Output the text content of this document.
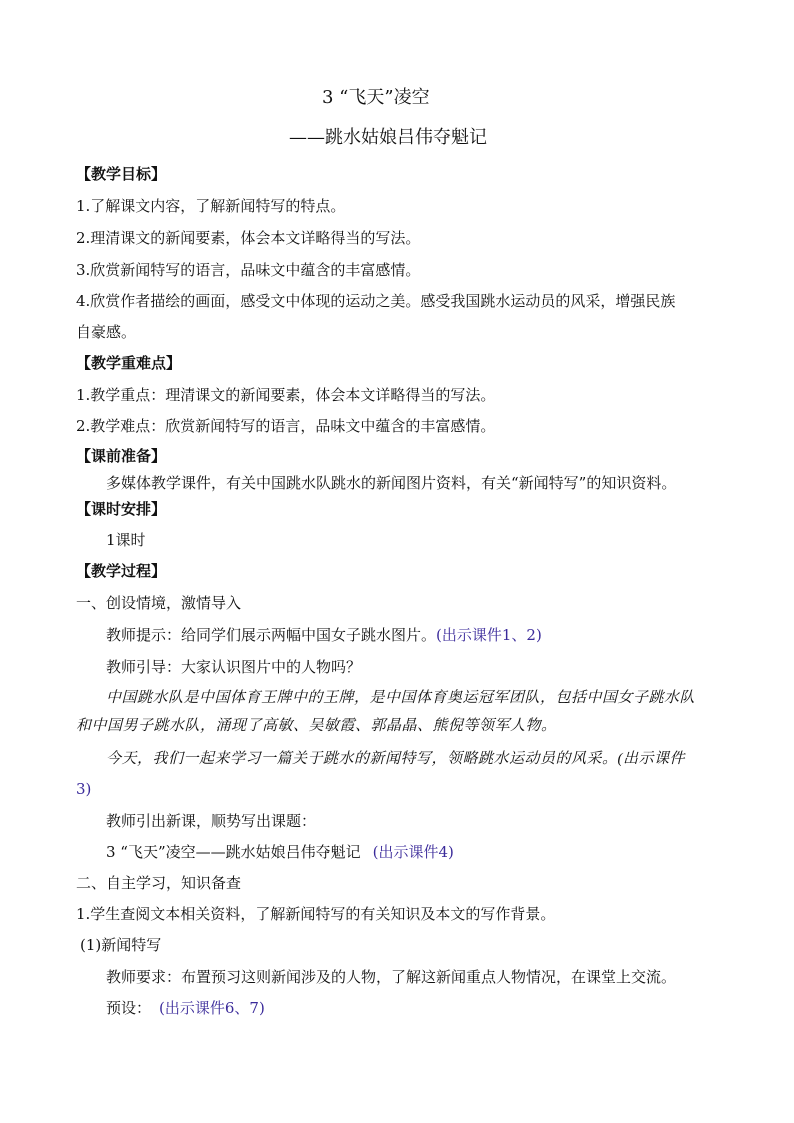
3 “飞天”凌空

——跳水姑娘吕伟夺魁记

【教学目标】

1.了解课文内容，了解新闻特写的特点。

2.理清课文的新闻要素，体会本文详略得当的写法。

3.欣赏新闻特写的语言，品味文中蕴含的丰富感情。

4.欣赏作者描绘的画面，感受文中体现的运动之美。感受我国跳水运动员的风采，增强民族

自豪感。

【教学重难点】

1.教学重点：理清课文的新闻要素，体会本文详略得当的写法。

2.教学难点：欣赏新闻特写的语言，品味文中蕴含的丰富感情。

【课前准备】

多媒体教学课件，有关中国跳水队跳水的新闻图片资料，有关“新闻特写”的知识资料。

【课时安排】

1课时

【教学过程】

一、创设情境，激情导入

教师提示：给同学们展示两幅中国女子跳水图片。(出示课件1、2)

教师引导：大家认识图片中的人物吗？

中国跳水队是中国体育王牌中的王牌，是中国体育奥运冠军团队，包括中国女子跳水队

和中国男子跳水队，涌现了高敏、吴敏霞、郭晶晶、熊倪等领军人物。

今天，我们一起来学习一篇关于跳水的新闻特写，领略跳水运动员的风采。(出示课件

3)

教师引出新课，顺势写出课题：

3 “飞天”凌空——跳水姑娘吕伟夺魁记 (出示课件4)

二、自主学习，知识备查

1.学生查阅文本相关资料，了解新闻特写的有关知识及本文的写作背景。

(1)新闻特写

教师要求：布置预习这则新闻涉及的人物，了解这新闻重点人物情况，在课堂上交流。

预设： (出示课件6、7)
